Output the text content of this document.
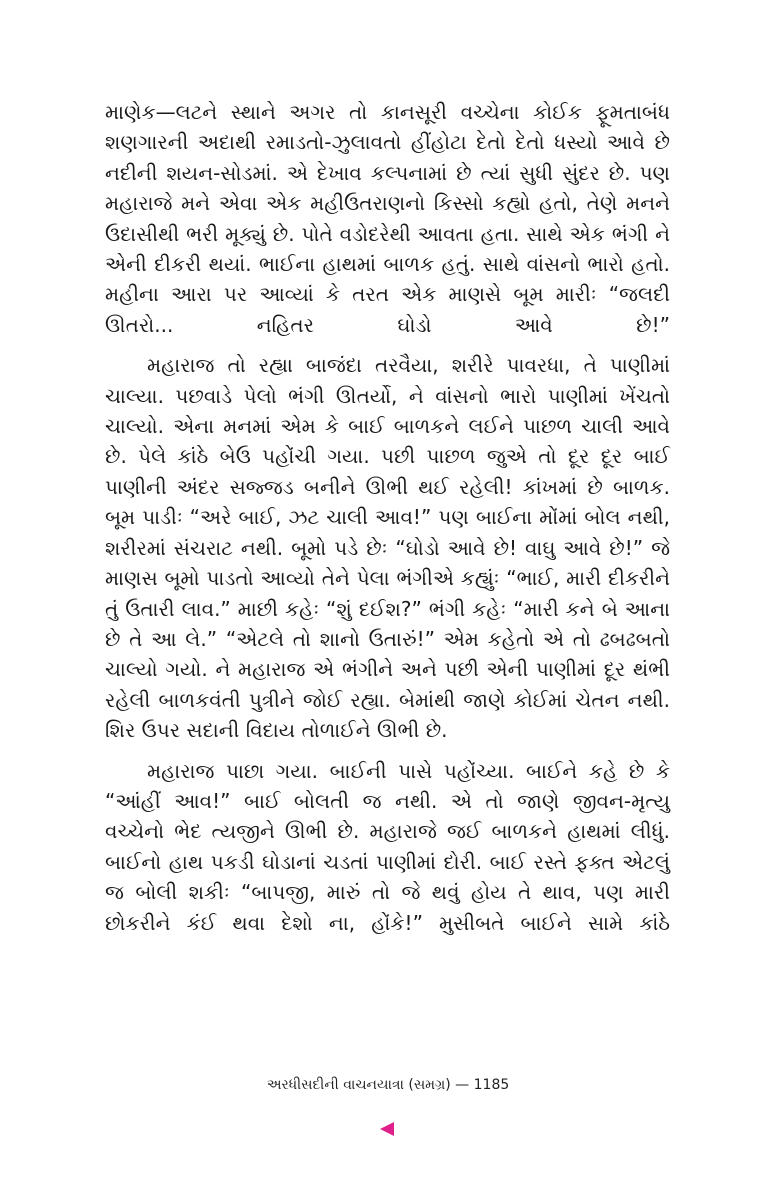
માણેક—લટને સ્થાને અગર તો કાનસૂરી વચ્ચેના કોઈક ફૂમતાબંધ શણગારની અદાથી રમાડતો-ઝુલાવતો હીંહોટા દેતો દેતો ધસ્યો આવે છે નદીની શયન-સોડમાં. એ દેખાવ કલ્પનામાં છે ત્યાં સુધી સુંદર છે. પણ મહારાજે મને એવા એક મહીઉતરાણનો કિસ્સો કહ્યો હતો, તેણે મનને ઉદાસીથી ભરી મૂક્યું છે. પોતે વડોદરેથી આવતા હતા. સાથે એક ભંગી ને એની દીકરી થયાં. ભાઈના હાથમાં બાળક હતું. સાથે વાંસનો ભારો હતો. મહીના આરા પર આવ્યાં કે તરત એક માણસે બૂમ મારીઃ “જલદી ઊતરો... નહિતર ઘોડો આવે છે!”

મહારાજ તો રહ્યા બાજંદા તરવૈયા, શરીરે પાવરધા, તે પાણીમાં ચાલ્યા. પછવાડે પેલો ભંગી ઊતર્યો, ને વાંસનો ભારો પાણીમાં ખેંચતો ચાલ્યો. એના મનમાં એમ કે બાઈ બાળકને લઈને પાછળ ચાલી આવે છે. પેલે કાંઠે બેઉ પહોંચી ગયા. પછી પાછળ જુએ તો દૂર દૂર બાઈ પાણીની અંદર સજ્જડ બનીને ઊભી થઈ રહેલી! કાંખમાં છે બાળક. બૂમ પાડીઃ “અરે બાઈ, ઝટ ચાલી આવ!” પણ બાઈના મોંમાં બોલ નથી, શરીરમાં સંચરાટ નથી. બૂમો પડે છેઃ “ઘોડો આવે છે! વાઘુ આવે છે!” જે માણસ બૂમો પાડતો આવ્યો તેને પેલા ભંગીએ કહ્યુંઃ “ભાઈ, મારી દીકરીને તું ઉતારી લાવ.” માછી કહેઃ “શું દઈશ?” ભંગી કહેઃ “મારી કને બે આના છે તે આ લે.” “એટલે તો શાનો ઉતારું!” એમ કહેતો એ તો ઢબઢબતો ચાલ્યો ગયો. ને મહારાજ એ ભંગીને અને પછી એની પાણીમાં દૂર થંભી રહેલી બાળકવંતી પુત્રીને જોઈ રહ્યા. બેમાંથી જાણે કોઈમાં ચેતન નથી. શિર ઉપર સદાની વિદાય તોળાઈને ઊભી છે.

મહારાજ પાછા ગયા. બાઈની પાસે પહોંચ્યા. બાઈને કહે છે કે “આંહીં આવ!” બાઈ બોલતી જ નથી. એ તો જાણે જીવન-મૃત્યુ વચ્ચેનો ભેદ ત્યજીને ઊભી છે. મહારાજે જઈ બાળકને હાથમાં લીધું. બાઈનો હાથ પકડી ઘોડાનાં ચડતાં પાણીમાં દોરી. બાઈ રસ્તે ફક્ત એટલું જ બોલી શકીઃ “બાપજી, મારું તો જે થવું હોય તે થાવ, પણ મારી છોકરીને કંઈ થવા દેશો ના, હોંકે!” મુસીબતે બાઈને સામે કાંઠે

અરધીસદીની વાચનયાત્રા (સમગ્ર) — 1185
